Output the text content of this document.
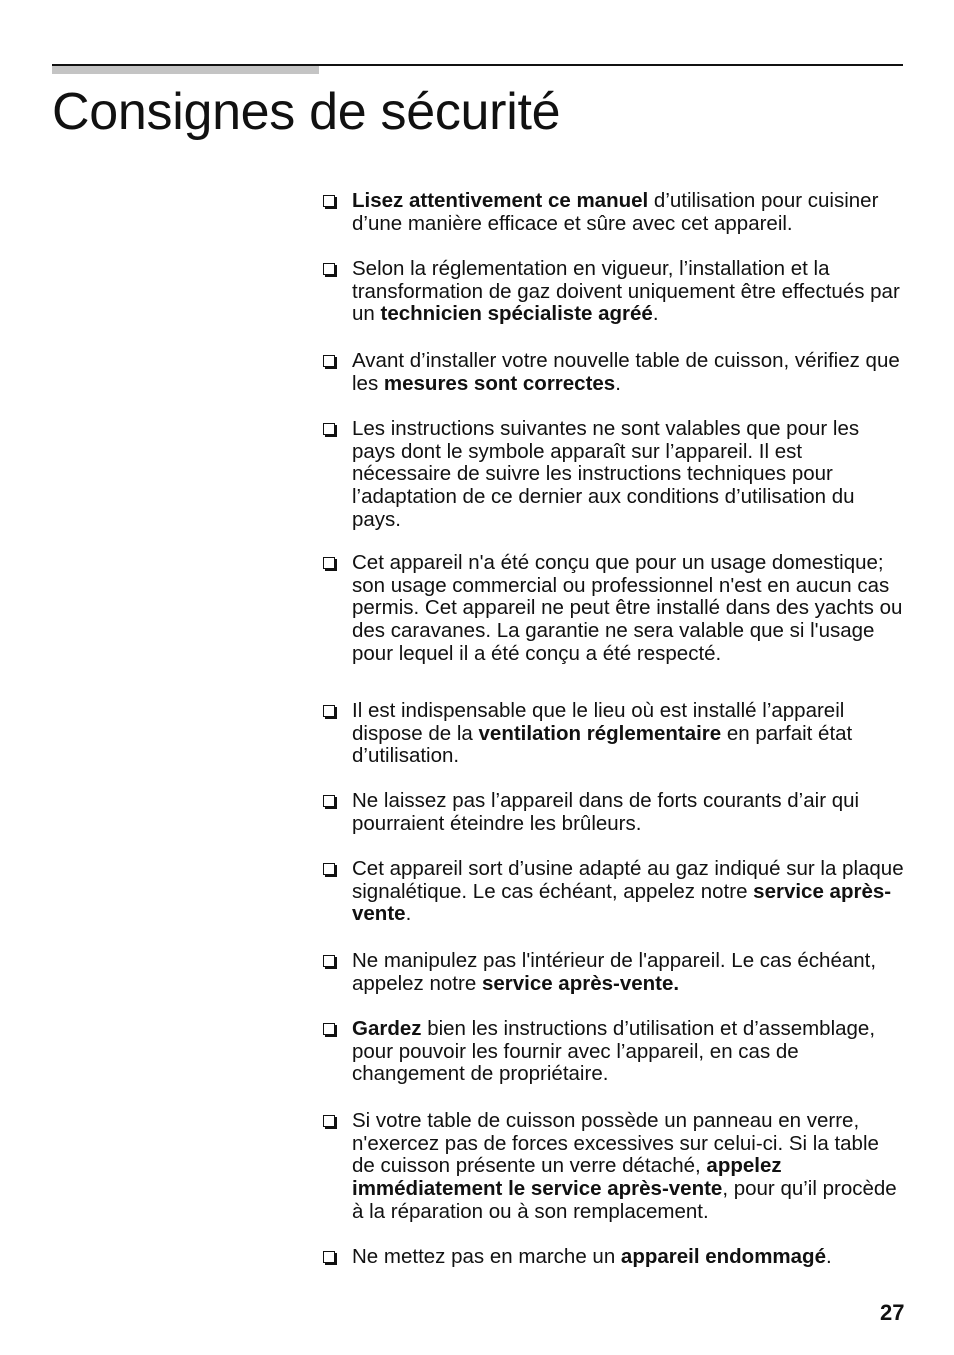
Consignes de sécurité
Lisez attentivement ce manuel d’utilisation pour cuisiner d’une manière efficace et sûre avec cet appareil.
Selon la réglementation en vigueur, l’installation et la transformation de gaz doivent uniquement être effectués par un technicien spécialiste agréé.
Avant d’installer votre nouvelle table de cuisson, vérifiez que les mesures sont correctes.
Les instructions suivantes ne sont valables que pour les pays dont le symbole apparaît sur l’appareil. Il est nécessaire de suivre les instructions techniques pour l’adaptation de ce dernier aux conditions d’utilisation du pays.
Cet appareil n'a été conçu que pour un usage domestique; son usage commercial ou professionnel n'est en aucun cas permis. Cet appareil ne peut être installé dans des yachts ou des caravanes. La garantie ne sera valable que si l'usage pour lequel il a été conçu a été respecté.
Il est indispensable que le lieu où est installé l’appareil dispose de la ventilation réglementaire en parfait état d’utilisation.
Ne laissez pas l’appareil dans de forts courants d’air qui pourraient éteindre les brûleurs.
Cet appareil sort d’usine adapté au gaz indiqué sur la plaque signalétique. Le cas échéant, appelez notre service après-vente.
Ne manipulez pas l'intérieur de l'appareil. Le cas échéant, appelez notre service après-vente.
Gardez bien les instructions d’utilisation et d’assemblage, pour pouvoir les fournir avec l’appareil, en cas de changement de propriétaire.
Si votre table de cuisson possède un panneau en verre, n'exercez pas de forces excessives sur celui-ci. Si la table de cuisson présente un verre détaché, appelez immédiatement le service après-vente, pour qu’il procède à la réparation ou à son remplacement.
Ne mettez pas en marche un appareil endommagé.
27
